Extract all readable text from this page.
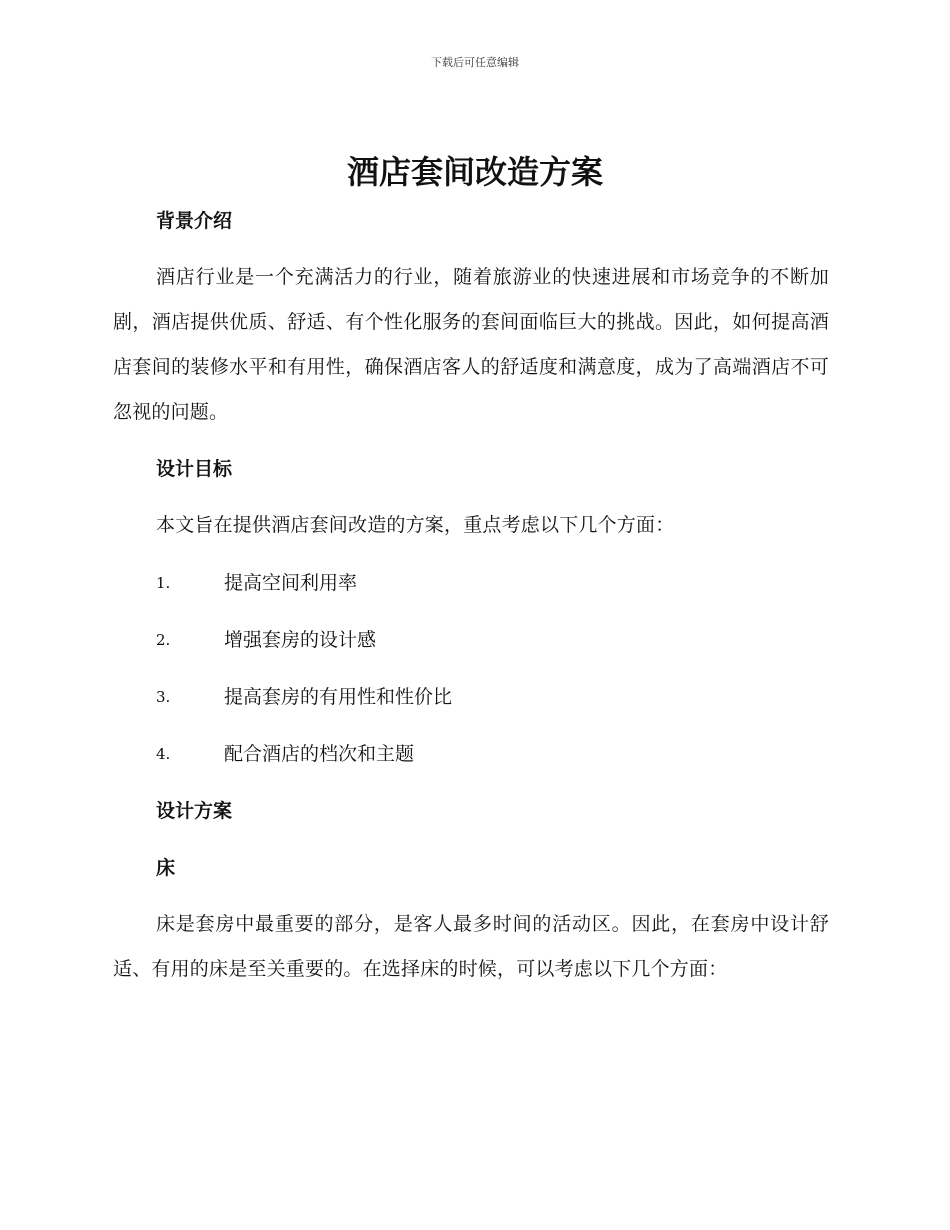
下载后可任意编辑
酒店套间改造方案
背景介绍

酒店行业是一个充满活力的行业，随着旅游业的快速进展和市场竞争的不断加剧，酒店提供优质、舒适、有个性化服务的套间面临巨大的挑战。因此，如何提高酒店套间的装修水平和有用性，确保酒店客人的舒适度和满意度，成为了高端酒店不可忽视的问题。

设计目标

本文旨在提供酒店套间改造的方案，重点考虑以下几个方面：

1.	提高空间利用率
2.	增强套房的设计感
3.	提高套房的有用性和性价比
4.	配合酒店的档次和主题
设计方案
床

床是套房中最重要的部分，是客人最多时间的活动区。因此，在套房中设计舒适、有用的床是至关重要的。在选择床的时候，可以考虑以下几个方面：
